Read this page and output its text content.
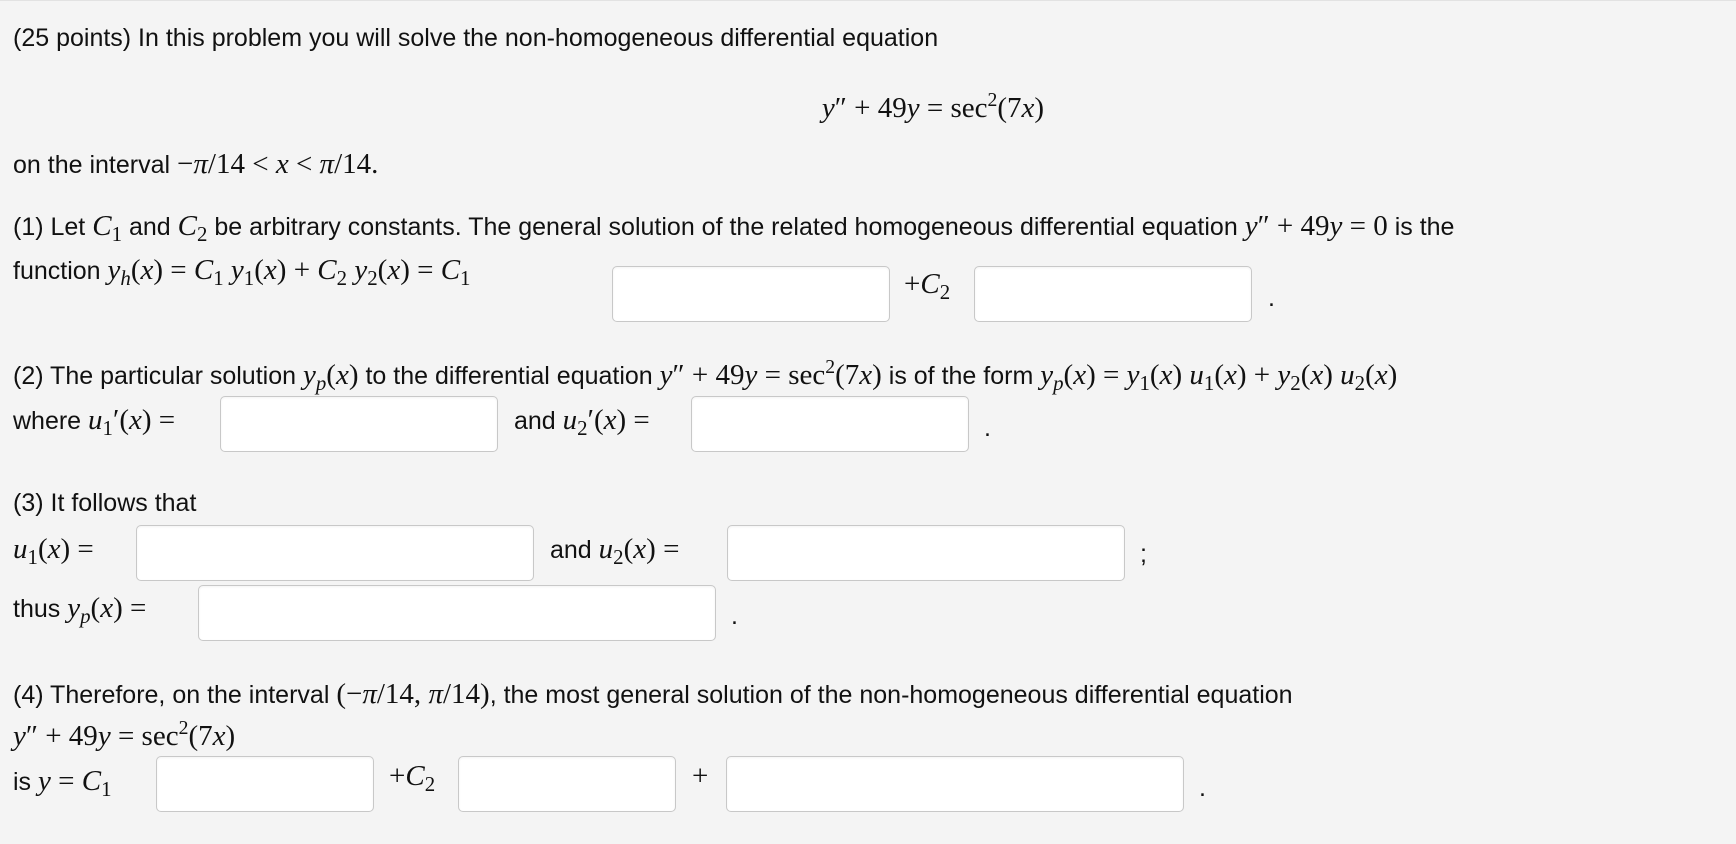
(25 points) In this problem you will solve the non-homogeneous differential equation
$y'' + 49y = \sec^2(7x)$
on the interval −π/14 < x < π/14.
(1) Let $C_1$ and $C_2$ be arbitrary constants. The general solution of the related homogeneous differential equation y″ + 49y = 0 is the
function $y_h(x) = C_1$ $y_1(x) + C_2$ $y_2(x) = C_1$	$+C_2$	.
(2) The particular solution $y_p(x)$ to the differential equation $y'' + 49y = \sec^2(7x)$ is of the form $y_p(x) = y_1(x) u_1(x) + y_2(x)$ $u_2(x)$
where $u_1'(x)$ =	and $u_2'(x)$ =	.
(3) It follows that
$u_1(x)$ =	and $u_2(x)$ =	;
thus $y_p(x)$ =	.
(4) Therefore, on the interval (−π/14, π/14), the most general solution of the non-homogeneous differential equation
$y'' + 49y = \sec^2(7x)$
is $y = C_1$	$+C_2$	+	.
